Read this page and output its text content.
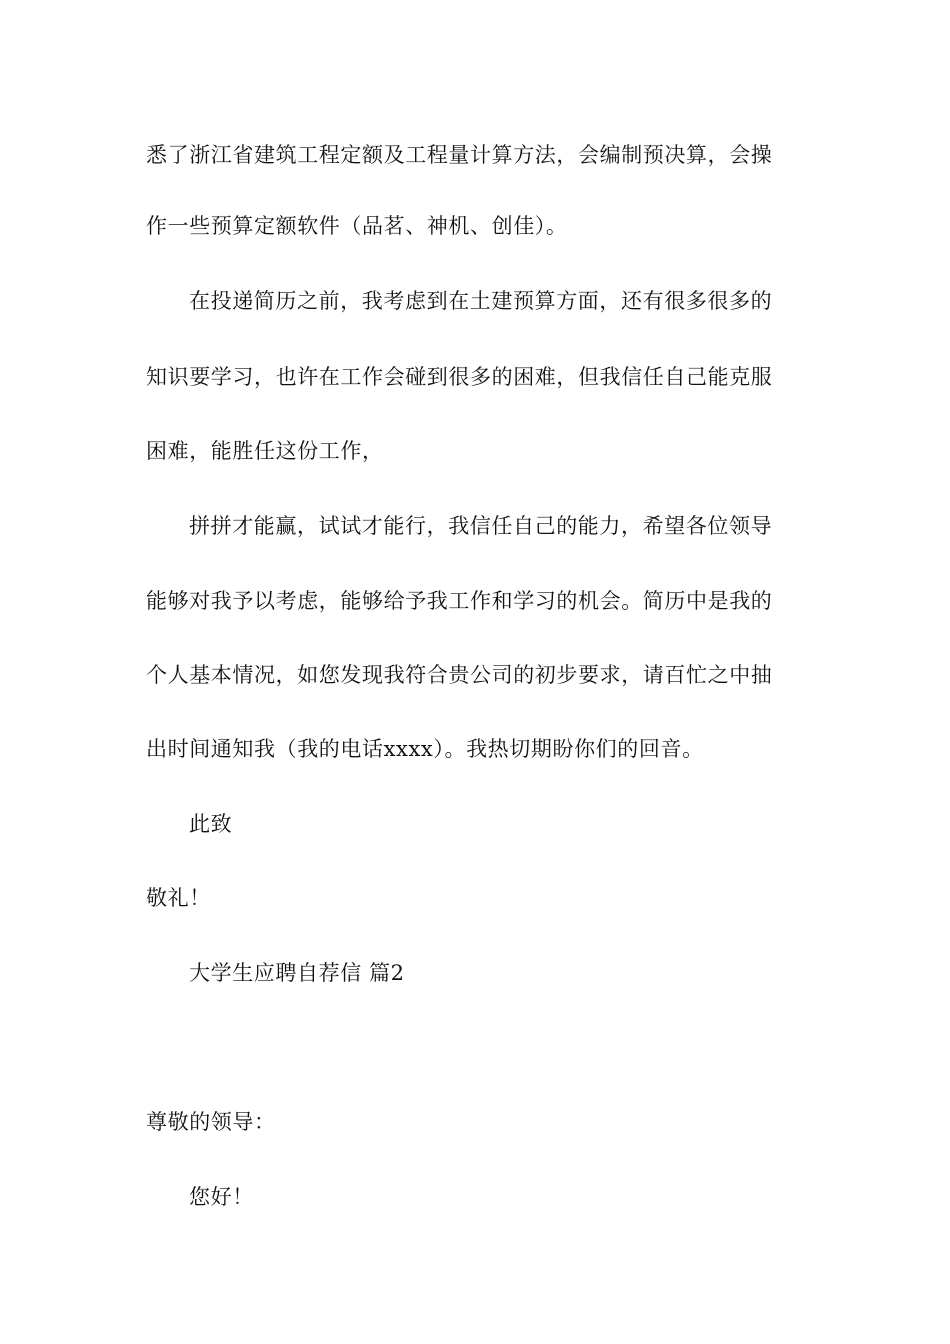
悉了浙江省建筑工程定额及工程量计算方法，会编制预决算，会操
作一些预算定额软件（品茗、神机、创佳）。
在投递简历之前，我考虑到在土建预算方面，还有很多很多的
知识要学习，也许在工作会碰到很多的困难，但我信任自己能克服
困难，能胜任这份工作，
拼拼才能赢，试试才能行，我信任自己的能力，希望各位领导
能够对我予以考虑，能够给予我工作和学习的机会。简历中是我的
个人基本情况，如您发现我符合贵公司的初步要求，请百忙之中抽
出时间通知我（我的电话xxxx）。我热切期盼你们的回音。
此致
敬礼！
大学生应聘自荐信 篇2
尊敬的领导：
您好！
